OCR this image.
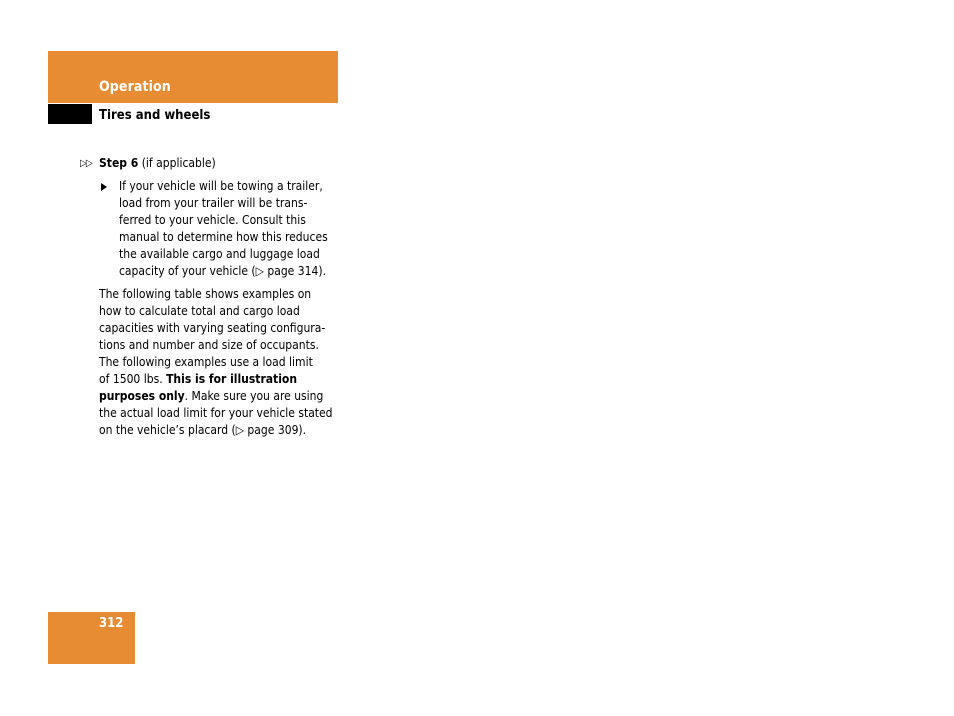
Operation
Tires and wheels

▷▷ Step 6 (if applicable)

If your vehicle will be towing a trailer,
load from your trailer will be trans-
ferred to your vehicle. Consult this
manual to determine how this reduces
the available cargo and luggage load
capacity of your vehicle (▷ page 314).

The following table shows examples on
how to calculate total and cargo load
capacities with varying seating configura-
tions and number and size of occupants.
The following examples use a load limit
of 1500 lbs. This is for illustration
purposes only. Make sure you are using
the actual load limit for your vehicle stated
on the vehicle’s placard (▷ page 309).

312
